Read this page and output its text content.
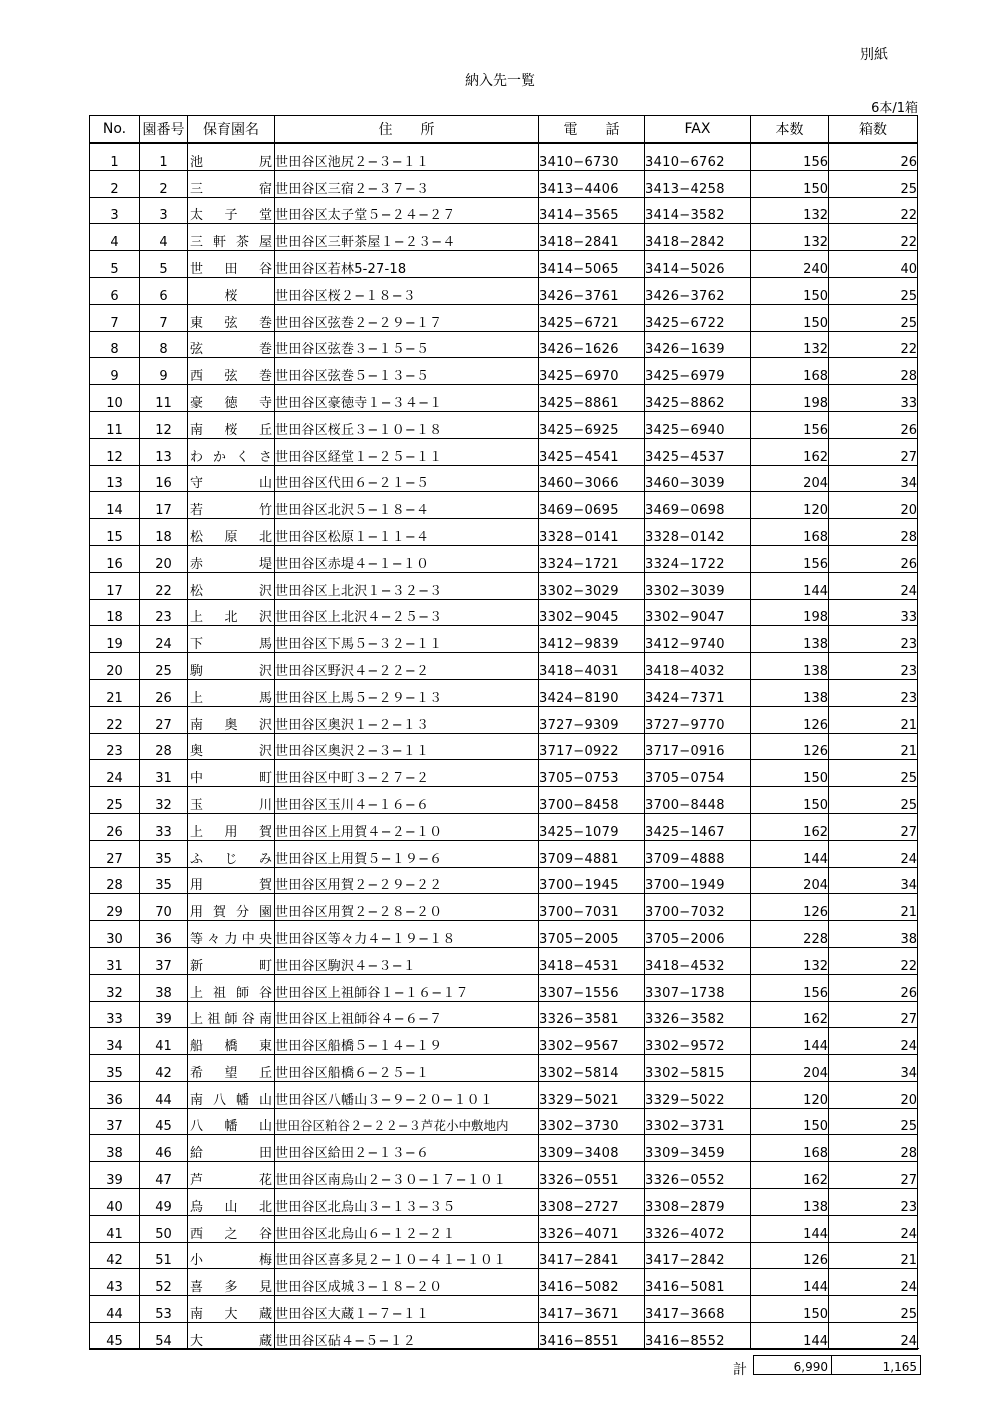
別紙
納入先一覧
6本/1箱
No.	園番号	保育園名	住　　所	電　　話	FAX	本数	箱数
1	1	池尻	世田谷区池尻２−３−１１	3410−6730	3410−6762	156	26
2	2	三宿	世田谷区三宿２−３７−３	3413−4406	3413−4258	150	25
3	3	太子堂	世田谷区太子堂５−２４−２７	3414−3565	3414−3582	132	22
4	4	三軒茶屋	世田谷区三軒茶屋１−２３−４	3418−2841	3418−2842	132	22
5	5	世田谷	世田谷区若林5-27-18	3414−5065	3414−5026	240	40
6	6	桜	世田谷区桜２−１８−３	3426−3761	3426−3762	150	25
7	7	東弦巻	世田谷区弦巻２−２９−１７	3425−6721	3425−6722	150	25
8	8	弦巻	世田谷区弦巻３−１５−５	3426−1626	3426−1639	132	22
9	9	西弦巻	世田谷区弦巻５−１３−５	3425−6970	3425−6979	168	28
10	11	豪徳寺	世田谷区豪徳寺１−３４−１	3425−8861	3425−8862	198	33
11	12	南桜丘	世田谷区桜丘３−１０−１８	3425−6925	3425−6940	156	26
12	13	わかくさ	世田谷区経堂１−２５−１１	3425−4541	3425−4537	162	27
13	16	守山	世田谷区代田６−２１−５	3460−3066	3460−3039	204	34
14	17	若竹	世田谷区北沢５−１８−４	3469−0695	3469−0698	120	20
15	18	松原北	世田谷区松原１−１１−４	3328−0141	3328−0142	168	28
16	20	赤堤	世田谷区赤堤４−１−１０	3324−1721	3324−1722	156	26
17	22	松沢	世田谷区上北沢１−３２−３	3302−3029	3302−3039	144	24
18	23	上北沢	世田谷区上北沢４−２５−３	3302−9045	3302−9047	198	33
19	24	下馬	世田谷区下馬５−３２−１１	3412−9839	3412−9740	138	23
20	25	駒沢	世田谷区野沢４−２２−２	3418−4031	3418−4032	138	23
21	26	上馬	世田谷区上馬５−２９−１３	3424−8190	3424−7371	138	23
22	27	南奥沢	世田谷区奥沢１−２−１３	3727−9309	3727−9770	126	21
23	28	奥沢	世田谷区奥沢２−３−１１	3717−0922	3717−0916	126	21
24	31	中町	世田谷区中町３−２７−２	3705−0753	3705−0754	150	25
25	32	玉川	世田谷区玉川４−１６−６	3700−8458	3700−8448	150	25
26	33	上用賀	世田谷区上用賀４−２−１０	3425−1079	3425−1467	162	27
27	35	ふじみ	世田谷区上用賀５−１９−６	3709−4881	3709−4888	144	24
28	35	用賀	世田谷区用賀２−２９−２２	3700−1945	3700−1949	204	34
29	70	用賀分園	世田谷区用賀２−２８−２０	3700−7031	3700−7032	126	21
30	36	等々力中央	世田谷区等々力４−１９−１８	3705−2005	3705−2006	228	38
31	37	新町	世田谷区駒沢４−３−１	3418−4531	3418−4532	132	22
32	38	上祖師谷	世田谷区上祖師谷１−１６−１７	3307−1556	3307−1738	156	26
33	39	上祖師谷南	世田谷区上祖師谷４−６−７	3326−3581	3326−3582	162	27
34	41	船橋東	世田谷区船橋５−１４−１９	3302−9567	3302−9572	144	24
35	42	希望丘	世田谷区船橋６−２５−１	3302−5814	3302−5815	204	34
36	44	南八幡山	世田谷区八幡山３−９−２０−１０１	3329−5021	3329−5022	120	20
37	45	八幡山	世田谷区粕谷２−２２−３芦花小中敷地内	3302−3730	3302−3731	150	25
38	46	給田	世田谷区給田２−１３−６	3309−3408	3309−3459	168	28
39	47	芦花	世田谷区南烏山２−３０−１７−１０１	3326−0551	3326−0552	162	27
40	49	烏山北	世田谷区北烏山３−１３−３５	3308−2727	3308−2879	138	23
41	50	西之谷	世田谷区北烏山６−１２−２１	3326−4071	3326−4072	144	24
42	51	小梅	世田谷区喜多見２−１０−４１−１０１	3417−2841	3417−2842	126	21
43	52	喜多見	世田谷区成城３−１８−２０	3416−5082	3416−5081	144	24
44	53	南大蔵	世田谷区大蔵１−７−１１	3417−3671	3417−3668	150	25
45	54	大蔵	世田谷区砧４−５−１２	3416−8551	3416−8552	144	24
計	6,990	1,165
